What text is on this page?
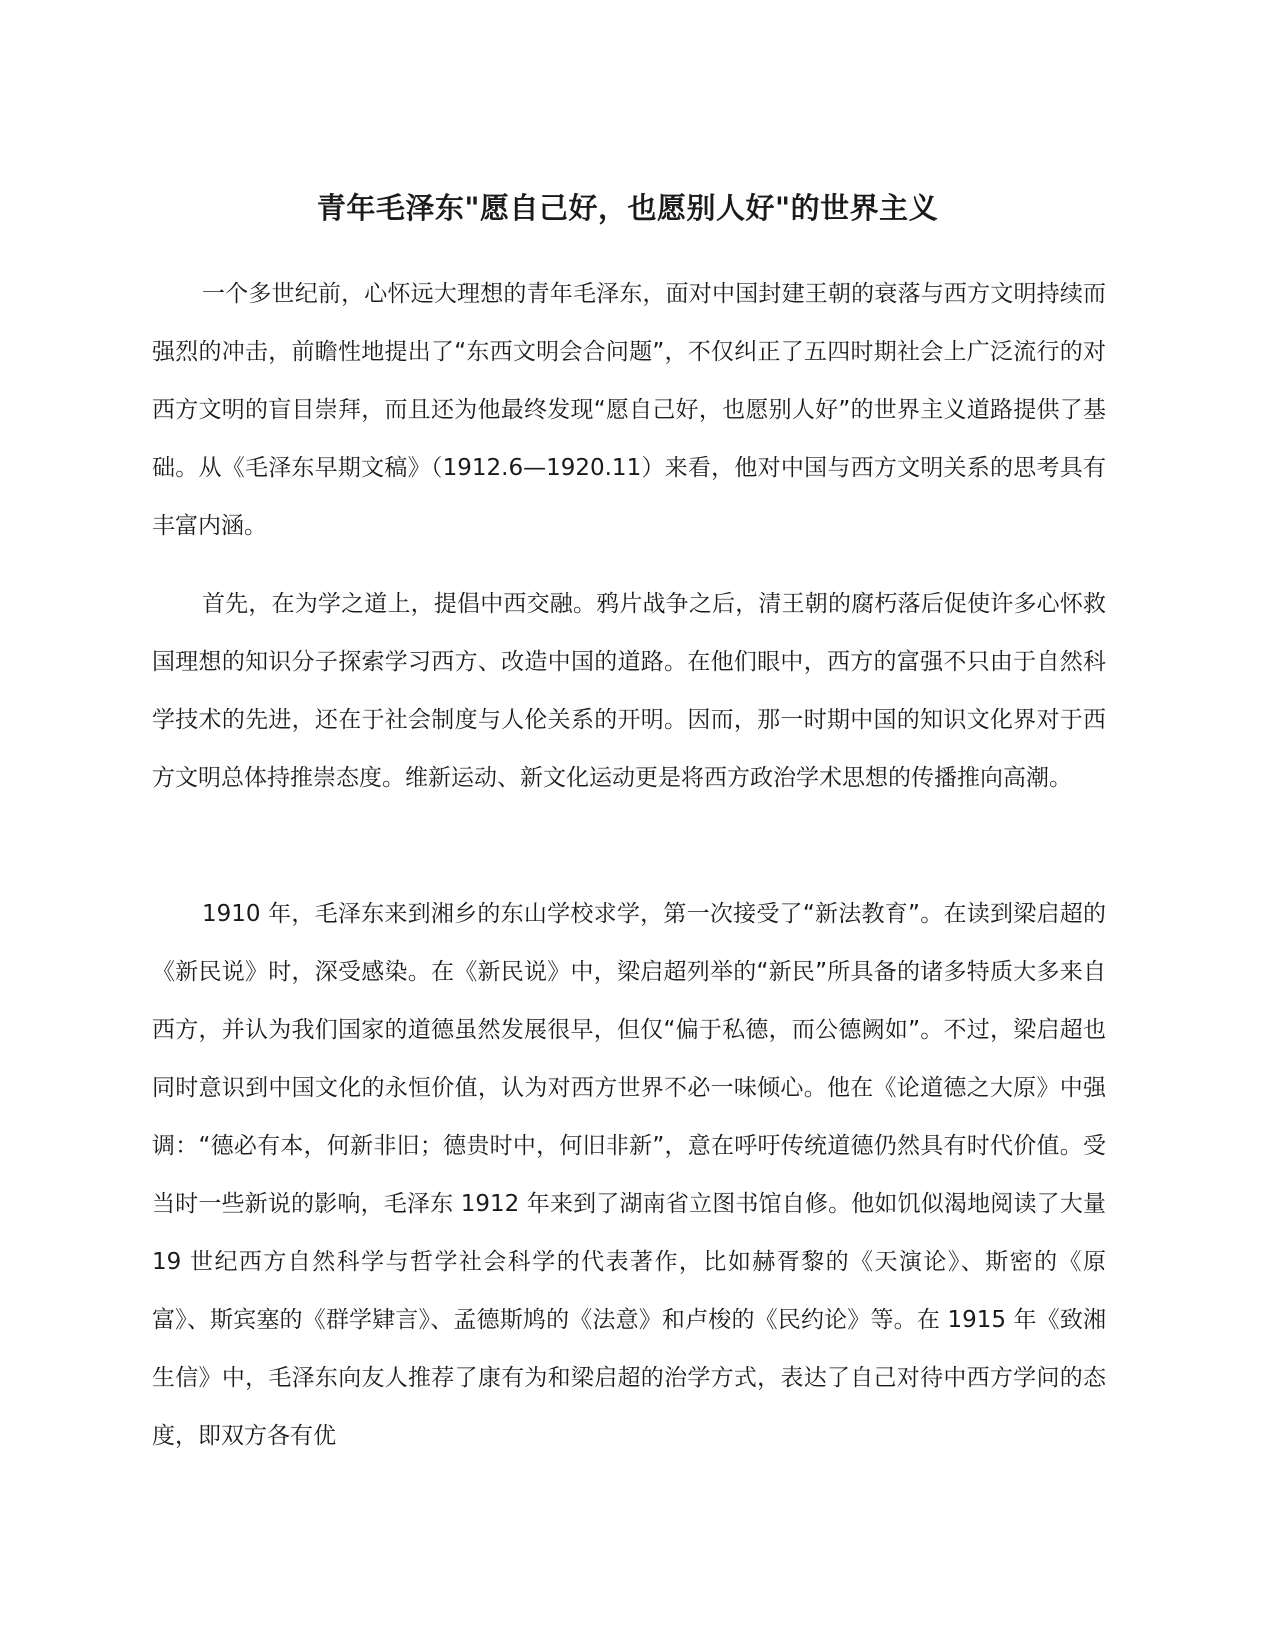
青年毛泽东"愿自己好，也愿别人好"的世界主义

一个多世纪前，心怀远大理想的青年毛泽东，面对中国封建王朝的衰落与西方文明持续而强烈的冲击，前瞻性地提出了“东西文明会合问题”，不仅纠正了五四时期社会上广泛流行的对西方文明的盲目崇拜，而且还为他最终发现“愿自己好，也愿别人好”的世界主义道路提供了基础。从《毛泽东早期文稿》（1912.6—1920.11）来看，他对中国与西方文明关系的思考具有丰富内涵。

首先，在为学之道上，提倡中西交融。鸦片战争之后，清王朝的腐朽落后促使许多心怀救国理想的知识分子探索学习西方、改造中国的道路。在他们眼中，西方的富强不只由于自然科学技术的先进，还在于社会制度与人伦关系的开明。因而，那一时期中国的知识文化界对于西方文明总体持推崇态度。维新运动、新文化运动更是将西方政治学术思想的传播推向高潮。

1910 年，毛泽东来到湘乡的东山学校求学，第一次接受了“新法教育”。在读到梁启超的《新民说》时，深受感染。在《新民说》中，梁启超列举的“新民”所具备的诸多特质大多来自西方，并认为我们国家的道德虽然发展很早，但仅“偏于私德，而公德阙如”。不过，梁启超也同时意识到中国文化的永恒价值，认为对西方世界不必一味倾心。他在《论道德之大原》中强调：“德必有本，何新非旧；德贵时中，何旧非新”，意在呼吁传统道德仍然具有时代价值。受当时一些新说的影响，毛泽东 1912 年来到了湖南省立图书馆自修。他如饥似渴地阅读了大量 19 世纪西方自然科学与哲学社会科学的代表著作，比如赫胥黎的《天演论》、斯密的《原富》、斯宾塞的《群学肄言》、孟德斯鸠的《法意》和卢梭的《民约论》等。在 1915 年《致湘生信》中，毛泽东向友人推荐了康有为和梁启超的治学方式，表达了自己对待中西方学问的态度，即双方各有优
